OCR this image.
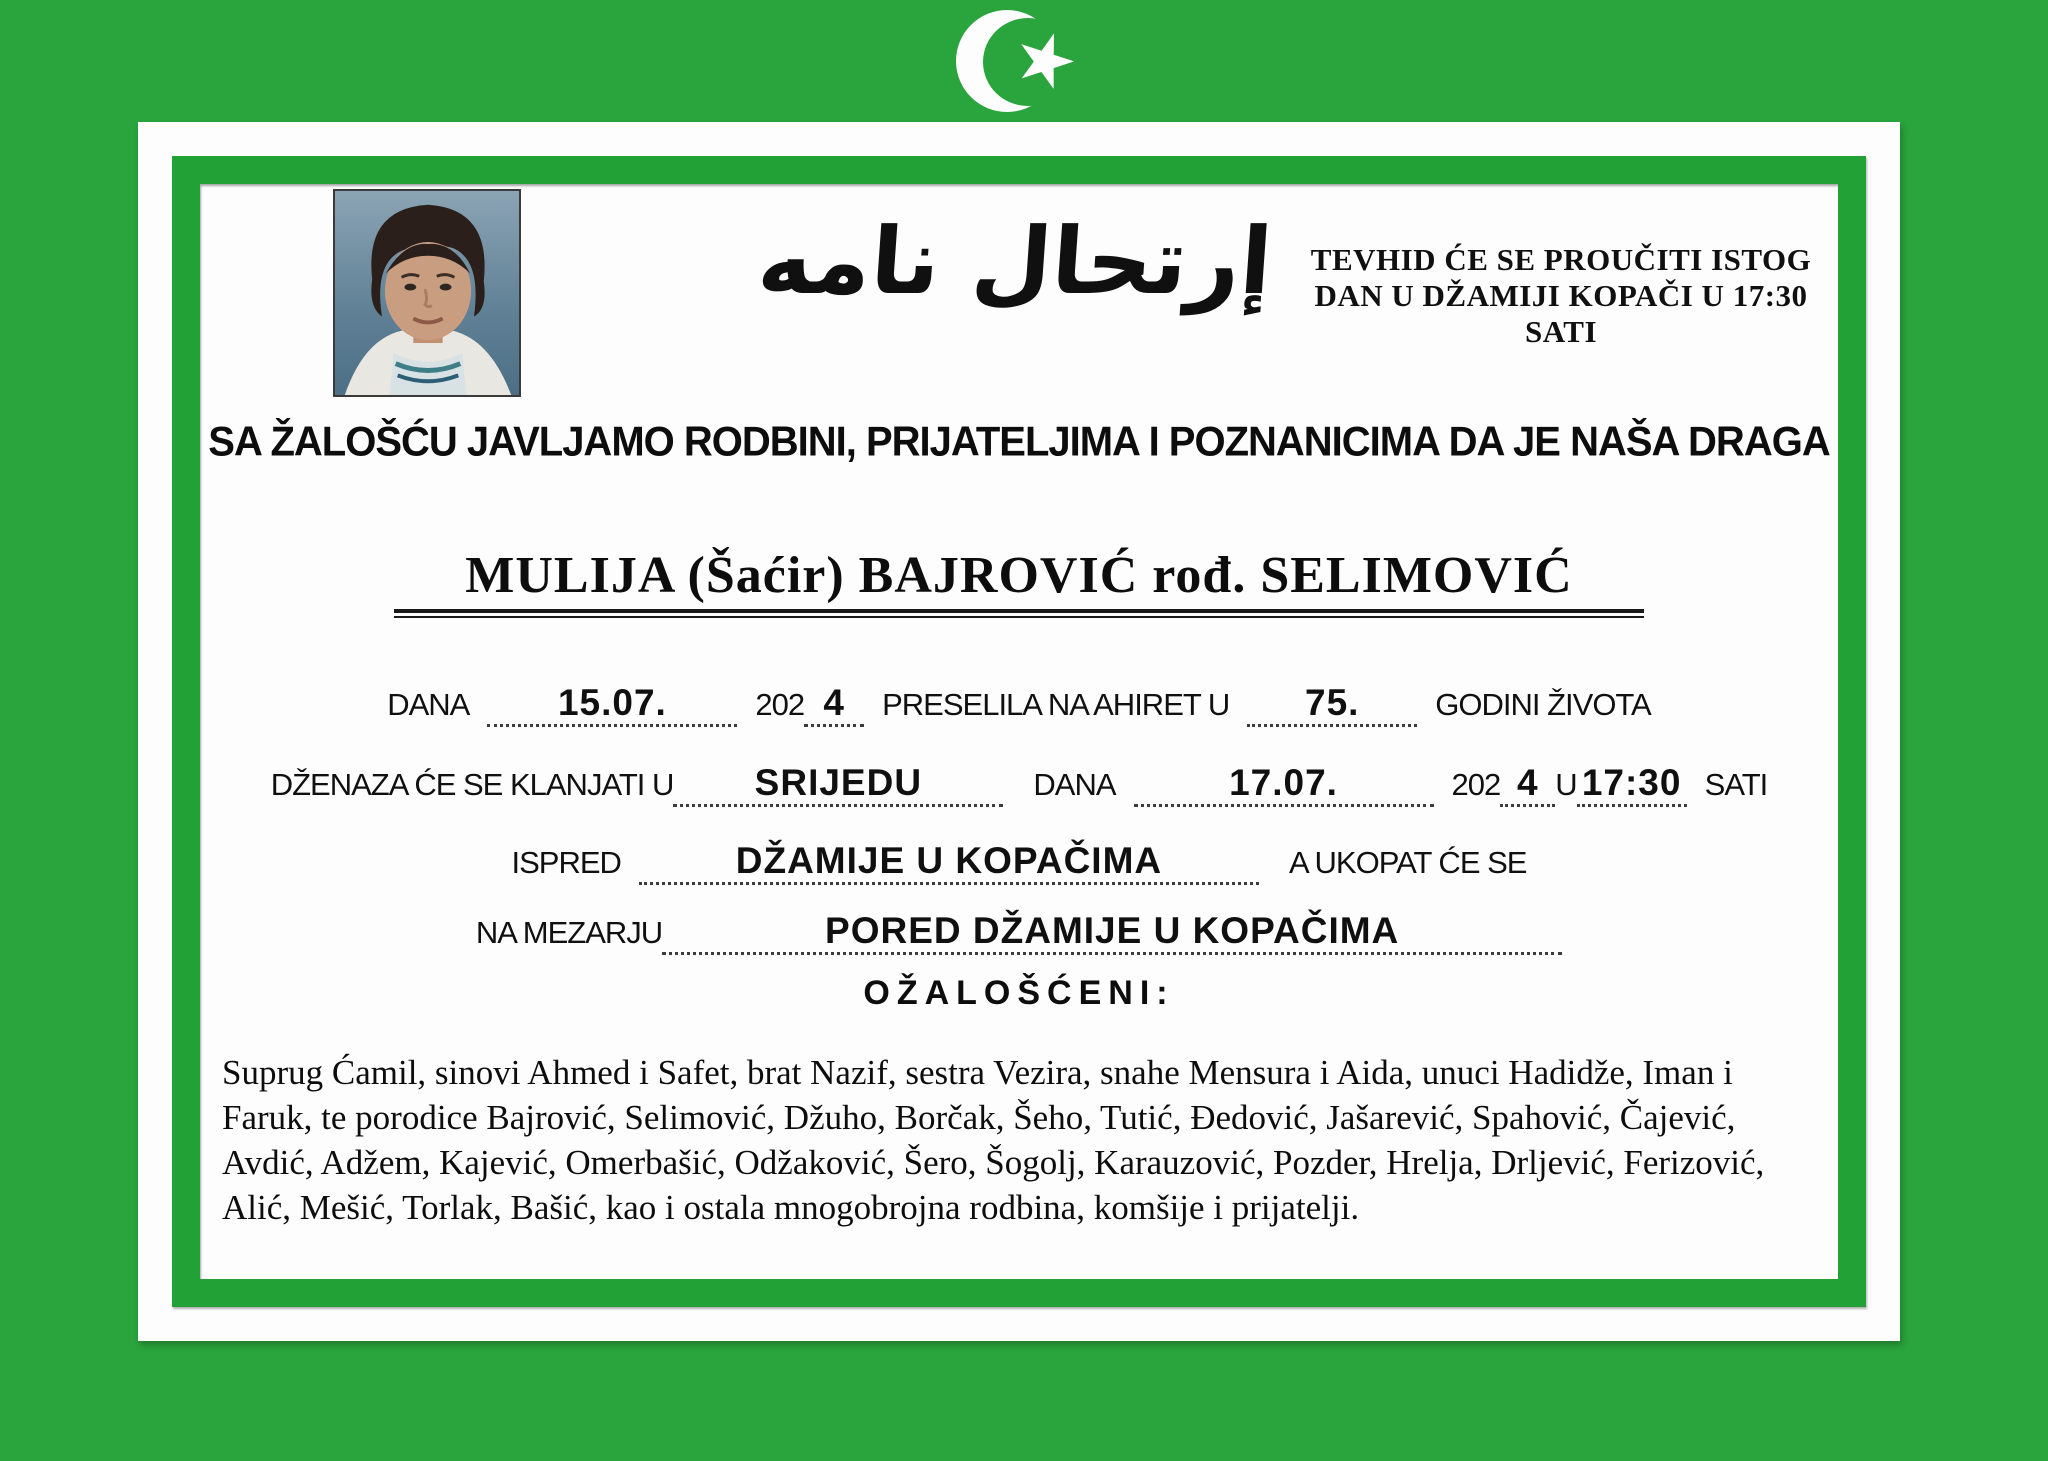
إرتحال نامه	TEVHID ĆE SE PROUČITI ISTOG
DAN U DŽAMIJI KOPAČI U 17:30
SATI
SA ŽALOŠĆU JAVLJAMO RODBINI, PRIJATELJIMA I POZNANICIMA DA JE NAŠA DRAGA
MULIJA (Šaćir) BAJROVIĆ rođ. SELIMOVIĆ
DANA 15.07.	202 4 PRESELILA NA AHIRET U 75. GODINI ŽIVOTA
DŽENAZA ĆE SE KLANJATI U SRIJEDU	DANA	17.07.	202 4 U 17:30 SATI
ISPRED	DŽAMIJE U KOPAČIMA	A UKOPAT ĆE SE
NA MEZARJU	PORED DŽAMIJE U KOPAČIMA
OŽALOŠĆENI:

Suprug Ćamil, sinovi Ahmed i Safet, brat Nazif, sestra Vezira, snahe Mensura i Aida, unuci Hadidže, Iman i Faruk, te porodice Bajrović, Selimović, Džuho, Borčak, Šeho, Tutić, Đedović, Jašarević, Spahović, Čajević, Avdić, Adžem, Kajević, Omerbašić, Odžaković, Šero, Šogolj, Karauzović, Pozder, Hrelja, Drljević, Ferizović, Alić, Mešić, Torlak, Bašić, kao i ostala mnogobrojna rodbina, komšije i prijatelji.
